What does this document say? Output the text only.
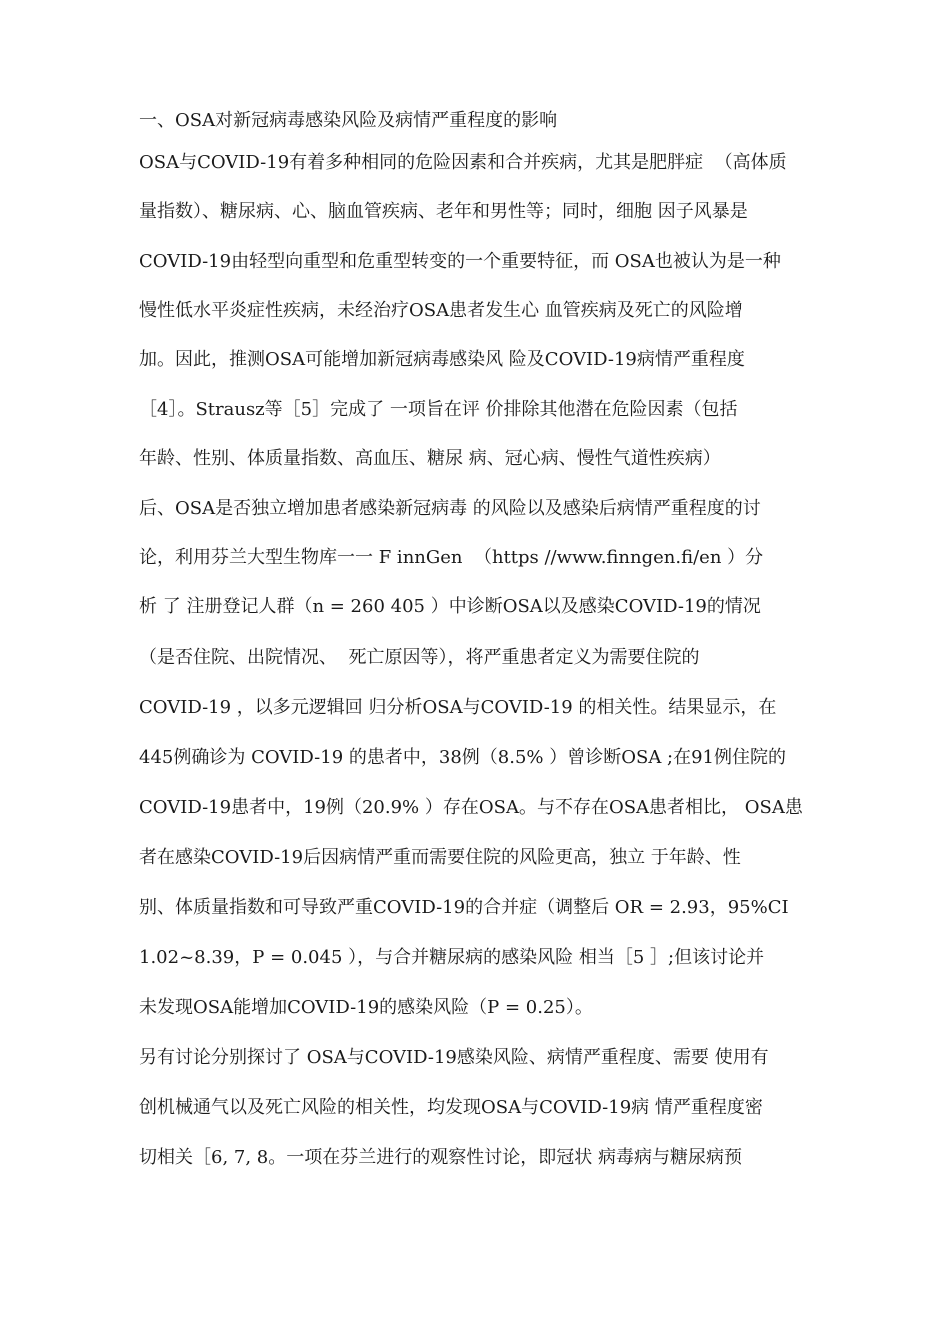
一、OSA对新冠病毒感染风险及病情严重程度的影响
OSA与COVID-19有着多种相同的危险因素和合并疾病，尤其是肥胖症  （高体质
量指数）、糖尿病、心、脑血管疾病、老年和男性等；同时，细胞 因子风暴是
COVID-19由轻型向重型和危重型转变的一个重要特征，而 OSA也被认为是一种
慢性低水平炎症性疾病，未经治疗OSA患者发生心 血管疾病及死亡的风险增
加。因此，推测OSA可能增加新冠病毒感染风 险及COVID-19病情严重程度
［4］。Strausz等［5］完成了 一项旨在评 价排除其他潜在危险因素（包括
年龄、性别、体质量指数、高血压、糖尿 病、冠心病、慢性气道性疾病）
后、OSA是否独立增加患者感染新冠病毒 的风险以及感染后病情严重程度的讨
论，利用芬兰大型生物库一一 F innGen  （https //www.finngen.fi/en ）分
析 了 注册登记人群（n = 260 405 ）中诊断OSA以及感染COVID-19的情况
（是否住院、出院情况、  死亡原因等），将严重患者定义为需要住院的
COVID-19 ，以多元逻辑回 归分析OSA与COVID-19 的相关性。结果显示，在
445例确诊为 COVID-19 的患者中，38例（8.5% ）曾诊断OSA ;在91例住院的
COVID-19患者中，19例（20.9% ）存在OSA。与不存在OSA患者相比， OSA患
者在感染COVID-19后因病情严重而需要住院的风险更高，独立 于年龄、性
别、体质量指数和可导致严重COVID-19的合并症（调整后 OR = 2.93，95%CI
1.02~8.39，P = 0.045 ），与合并糖尿病的感染风险 相当［5 ］;但该讨论并
未发现OSA能增加COVID-19的感染风险（P = 0.25）。
另有讨论分别探讨了 OSA与COVID-19感染风险、病情严重程度、需要 使用有
创机械通气以及死亡风险的相关性，均发现OSA与COVID-19病 情严重程度密
切相关［6, 7, 8。一项在芬兰进行的观察性讨论，即冠状 病毒病与糖尿病预
